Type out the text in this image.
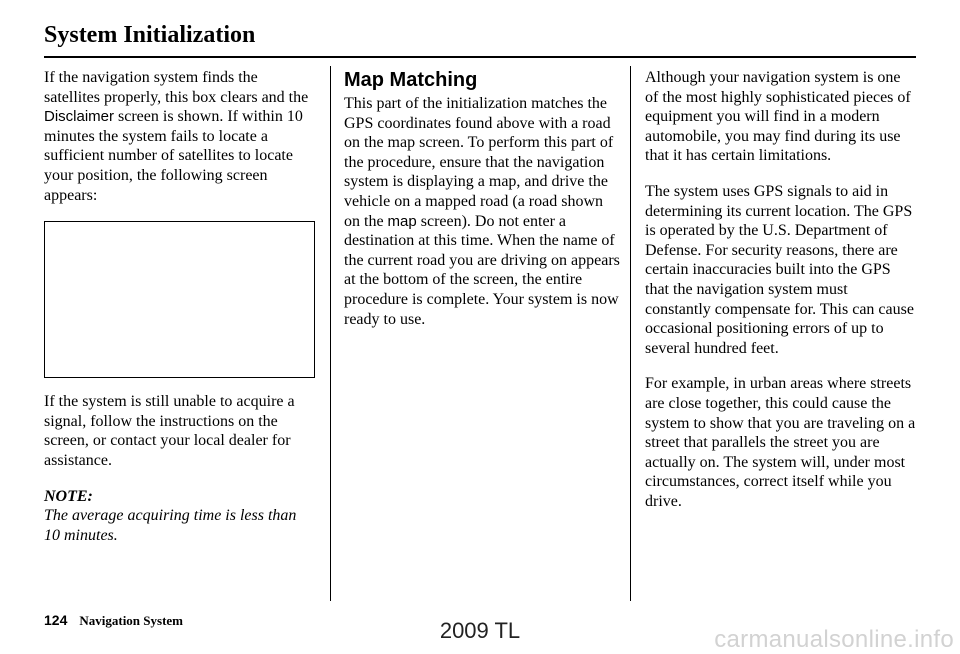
System Initialization

If the navigation system finds the satellites properly, this box clears and the Disclaimer screen is shown. If within 10 minutes the system fails to locate a sufficient number of satellites to locate your position, the following screen appears:

If the system is still unable to acquire a signal, follow the instructions on the screen, or contact your local dealer for assistance.

NOTE:
The average acquiring time is less than 10 minutes.
Map Matching

This part of the initialization matches the GPS coordinates found above with a road on the map screen. To perform this part of the procedure, ensure that the navigation system is displaying a map, and drive the vehicle on a mapped road (a road shown on the map screen). Do not enter a destination at this time. When the name of the current road you are driving on appears at the bottom of the screen, the entire procedure is complete. Your system is now ready to use.

Although your navigation system is one of the most highly sophisticated pieces of equipment you will find in a modern automobile, you may find during its use that it has certain limitations.

The system uses GPS signals to aid in determining its current location. The GPS is operated by the U.S. Department of Defense. For security reasons, there are certain inaccuracies built into the GPS that the navigation system must constantly compensate for. This can cause occasional positioning errors of up to several hundred feet.

For example, in urban areas where streets are close together, this could cause the system to show that you are traveling on a street that parallels the street you are actually on. The system will, under most circumstances, correct itself while you drive.

124 Navigation System	2009 TL	carmanualsonline.info
